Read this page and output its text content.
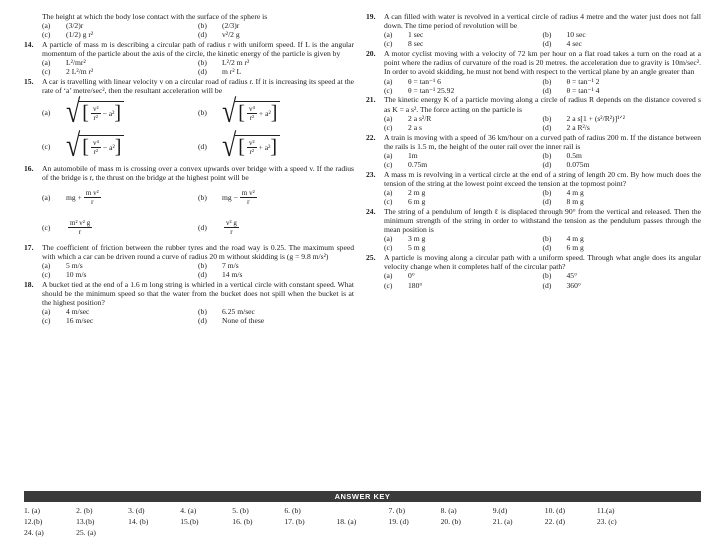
The height at which the body lose contact with the surface of the sphere is
(a) (3/2)r	(b) (2/3)r
(c) (1/2) g r²	(d) v²/2 g
14. A particle of mass m is describing a circular path of radius r with uniform speed. If L is the angular momentum of the particle about the axis of the circle, the kinetic energy of the particle is given by
(a) L²/mr²	(b) L²/2 m r²
(c) 2 L²/m r²	(d) m r² L
15. A car is travelling with linear velocity v on a circular road of radius r. If it is increasing its speed at the rate of ‘a’ metre/sec², then the resultant acceleration will be
(a) √ [ $\frac{\text{v²}}{\text{r²}} - a^2$ ]	(b) √ [ $\frac{\text{v⁴}}{\text{r²}} + a^2$ ]
(c) √ [ $\frac{\text{v⁴}}{\text{r²}} - a^2$ ]	(d) √ [ $\frac{\text{v²}}{\text{r²}} + a^2$ ]
16. An automobile of mass m is crossing over a convex upwards over bridge with a speed v. If the radius of the bridge is r, the thrust on the bridge at the highest point will be
(a)	mg + $\frac{\text{m v²}}{r}$	(b)	mg − $\frac{\text{m v²}}{r}$
(c)	$\frac{\text{m² v² g}}{r}$	(d)	$\frac{\text{v² g}}{r}$
17. The coefficient of friction between the rubber tyres and the road way is 0.25. The maximum speed with which a car can be driven round a curve of radius 20 m without skidding is (g = 9.8 m/s²)
(a) 5 m/s	(b) 7 m/s
(c) 10 m/s	(d) 14 m/s
18. A bucket tied at the end of a 1.6 m long string is whirled in a vertical circle with constant speed. What should be the minimum speed so that the water from the bucket does not spill when the bucket is at the highest position?
(a) 4 m/sec	(b) 6.25 m/sec
(c) 16 m/sec	(d) None of these
19. A can filled with water is revolved in a vertical circle of radius 4 metre and the water just does not fall down. The time period of revolution will be
(a) 1 sec	(b) 10 sec
(c) 8 sec	(d) 4 sec
20. A motor cyclist moving with a velocity of 72 km per hour on a flat road takes a turn on the road at a point where the radius of curvature of the road is 20 metres. the acceleration due to gravity is 10m/sec². In order to avoid skidding, he must not bend with respect to the vertical plane by an angle greater than
(a) θ = tan⁻¹ 6	(b) θ = tan⁻¹ 2
(c) θ = tan⁻¹ 25.92	(d) θ = tan⁻¹ 4
21. The kinetic energy K of a particle moving along a circle of radius R depends on the distance covered s as K = a s². The force acting on the particle is
(a) 2 a s²/R	(b) 2 a s[1 + (s²/R²)]¹ᐟ²
(c) 2 a s	(d) 2 a R²/s
22. A train is moving with a speed of 36 km/hour on a curved path of radius 200 m. If the distance between the rails is 1.5 m, the height of the outer rail over the inner rail is
(a) 1m	(b) 0.5m
(c) 0.75m	(d) 0.075m
23. A mass m is revolving in a vertical circle at the end of a string of length 20 cm. By how much does the tension of the string at the lowest point exceed the tension at the topmost point?
(a) 2 m g	(b) 4 m g
(c) 6 m g	(d) 8 m g
24. The string of a pendulum of length ℓ is displaced through 90° from the vertical and released. Then the minimum strength of the string in order to withstand the tension as the pendulum passes through the mean position is
(a) 3 m g	(b) 4 m g
(c) 5 m g	(d) 6 m g
25. A particle is moving along a circular path with a uniform speed. Through what angle does its angular velocity change when it completes half of the circular path?
(a) 0°	(b) 45°
(c) 180°	(d) 360°
ANSWER KEY
1. (a)	2. (b)	3. (d)	4. (a)	5. (b)	6. (b)	7. (b)	8. (a)	9.(d)	10. (d)	11.(a)
12.(b)	13.(b)	14. (b)	15.(b)	16. (b)	17. (b)	18. (a)	19. (d)	20. (b)	21. (a)	22. (d)	23. (c)
24. (a)	25. (a)
